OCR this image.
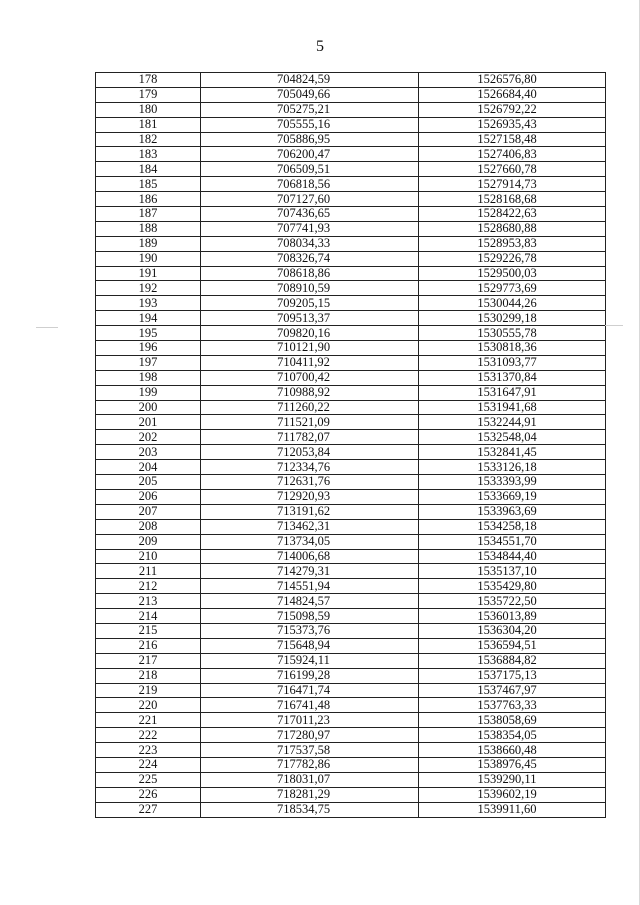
5
178	704824,59	1526576,80
179	705049,66	1526684,40
180	705275,21	1526792,22
181	705555,16	1526935,43
182	705886,95	1527158,48
183	706200,47	1527406,83
184	706509,51	1527660,78
185	706818,56	1527914,73
186	707127,60	1528168,68
187	707436,65	1528422,63
188	707741,93	1528680,88
189	708034,33	1528953,83
190	708326,74	1529226,78
191	708618,86	1529500,03
192	708910,59	1529773,69
193	709205,15	1530044,26
194	709513,37	1530299,18
195	709820,16	1530555,78
196	710121,90	1530818,36
197	710411,92	1531093,77
198	710700,42	1531370,84
199	710988,92	1531647,91
200	711260,22	1531941,68
201	711521,09	1532244,91
202	711782,07	1532548,04
203	712053,84	1532841,45
204	712334,76	1533126,18
205	712631,76	1533393,99
206	712920,93	1533669,19
207	713191,62	1533963,69
208	713462,31	1534258,18
209	713734,05	1534551,70
210	714006,68	1534844,40
211	714279,31	1535137,10
212	714551,94	1535429,80
213	714824,57	1535722,50
214	715098,59	1536013,89
215	715373,76	1536304,20
216	715648,94	1536594,51
217	715924,11	1536884,82
218	716199,28	1537175,13
219	716471,74	1537467,97
220	716741,48	1537763,33
221	717011,23	1538058,69
222	717280,97	1538354,05
223	717537,58	1538660,48
224	717782,86	1538976,45
225	718031,07	1539290,11
226	718281,29	1539602,19
227	718534,75	1539911,60
